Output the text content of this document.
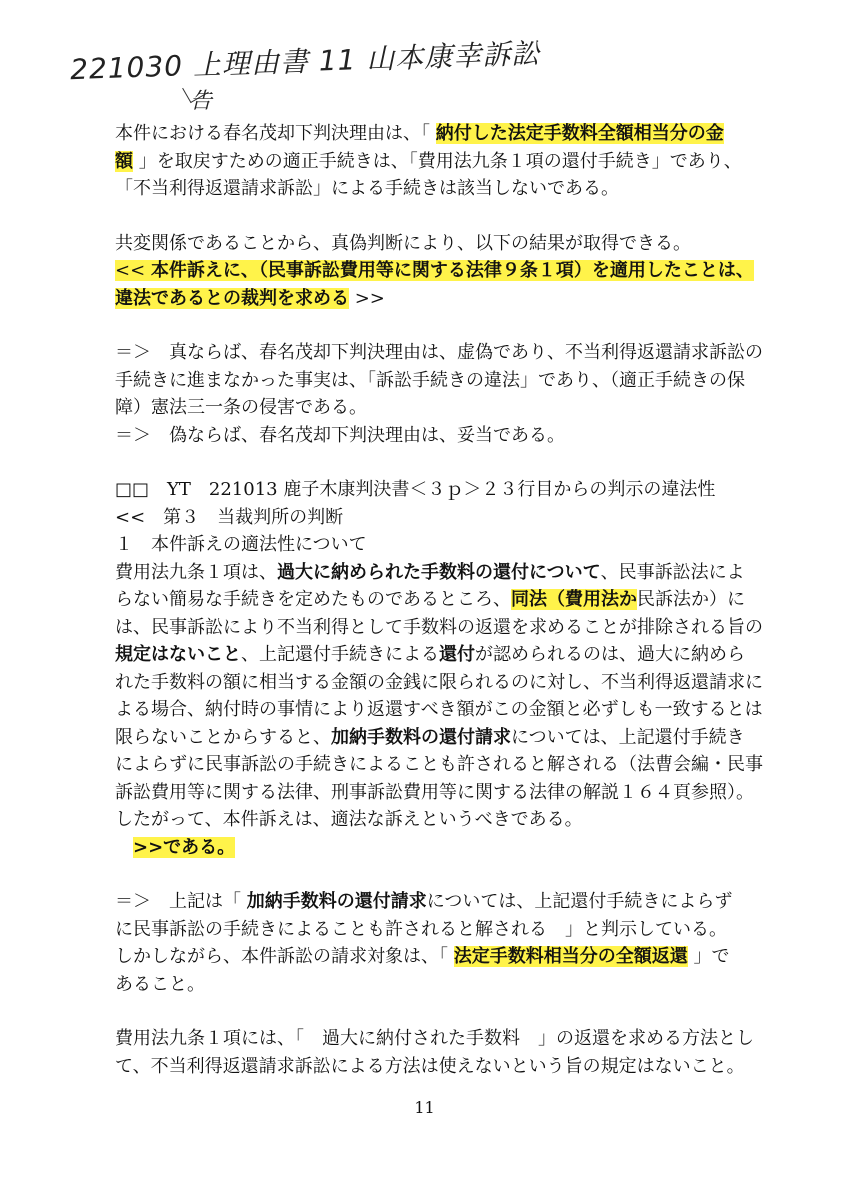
221030 上理由書 11 山本康幸訴訟
告

本件における春名茂却下判決理由は、「 納付した法定手数料全額相当分の金

額 」を取戻すための適正手続きは、「費用法九条１項の還付手続き」であり、

「不当利得返還請求訴訟」による手続きは該当しないである。

共変関係であることから、真偽判断により、以下の結果が取得できる。

<< 本件訴えに、（民事訴訟費用等に関する法律９条１項）を適用したことは、

違法であるとの裁判を求める >>

＝＞　真ならば、春名茂却下判決理由は、虚偽であり、不当利得返還請求訴訟の

手続きに進まなかった事実は、「訴訟手続きの違法」であり、（適正手続きの保

障）憲法三一条の侵害である。

＝＞　偽ならば、春名茂却下判決理由は、妥当である。

□□　YT　221013 鹿子木康判決書＜３ｐ＞２３行目からの判示の違法性

<<　第３　当裁判所の判断

１　本件訴えの適法性について

費用法九条１項は、過大に納められた手数料の還付について、民事訴訟法によ

らない簡易な手続きを定めたものであるところ、同法（費用法か民訴法か）に

は、民事訴訟により不当利得として手数料の返還を求めることが排除される旨の

規定はないこと、上記還付手続きによる還付が認められるのは、過大に納めら

れた手数料の額に相当する金額の金銭に限られるのに対し、不当利得返還請求に

よる場合、納付時の事情により返還すべき額がこの金額と必ずしも一致するとは

限らないことからすると、加納手数料の還付請求については、上記還付手続き

によらずに民事訴訟の手続きによることも許されると解される（法曹会編・民事

訴訟費用等に関する法律、刑事訴訟費用等に関する法律の解説１６４頁参照）。

したがって、本件訴えは、適法な訴えというべきである。

>>である。

＝＞　上記は「 加納手数料の還付請求については、上記還付手続きによらず

に民事訴訟の手続きによることも許されると解される　」と判示している。

しかしながら、本件訴訟の請求対象は、「 法定手数料相当分の全額返還 」で

あること。

費用法九条１項には、「　過大に納付された手数料　」の返還を求める方法とし

て、不当利得返還請求訴訟による方法は使えないという旨の規定はないこと。

11
